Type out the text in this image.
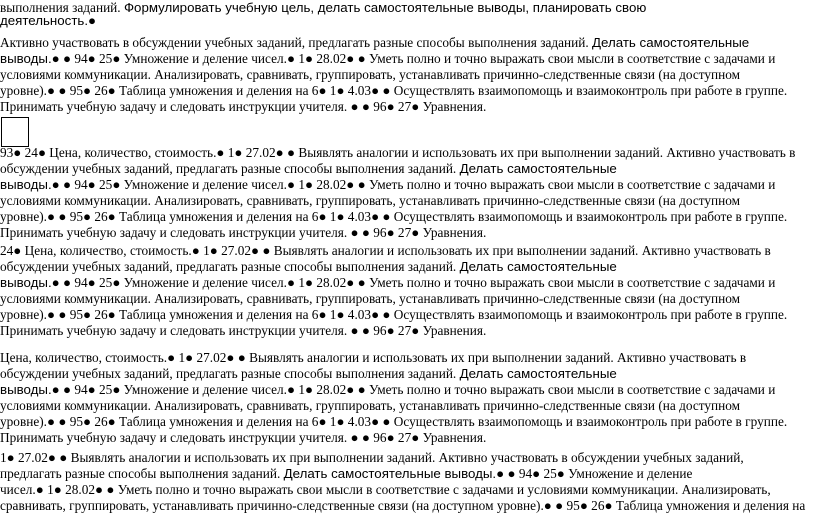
выполнения заданий. Формулировать учебную цель, делать самостоятельные выводы, планировать свою
деятельность.●
Активно участвовать в обсуждении учебных заданий, предлагать разные способы выполнения заданий. Делать самостоятельные
выводы.● ● 94● 25● Умножение и деление чисел.● 1● 28.02● ● Уметь полно и точно выражать свои мысли в соответствие с задачами и
условиями коммуникации. Анализировать, сравнивать, группировать, устанавливать причинно-следственные связи (на доступном
уровне).● ● 95● 26● Таблица умножения и деления на 6● 1● 4.03● ● Осуществлять взаимопомощь и взаимоконтроль при работе в группе.
Принимать учебную задачу и следовать инструкции учителя. ● ● 96● 27● Уравнения.
93● 24● Цена, количество, стоимость.● 1● 27.02● ● Выявлять аналогии и использовать их при выполнении заданий. Активно участвовать в
обсуждении учебных заданий, предлагать разные способы выполнения заданий. Делать самостоятельные
выводы.● ● 94● 25● Умножение и деление чисел.● 1● 28.02● ● Уметь полно и точно выражать свои мысли в соответствие с задачами и
условиями коммуникации. Анализировать, сравнивать, группировать, устанавливать причинно-следственные связи (на доступном
уровне).● ● 95● 26● Таблица умножения и деления на 6● 1● 4.03● ● Осуществлять взаимопомощь и взаимоконтроль при работе в группе.
Принимать учебную задачу и следовать инструкции учителя. ● ● 96● 27● Уравнения.
24● Цена, количество, стоимость.● 1● 27.02● ● Выявлять аналогии и использовать их при выполнении заданий. Активно участвовать в
обсуждении учебных заданий, предлагать разные способы выполнения заданий. Делать самостоятельные
выводы.● ● 94● 25● Умножение и деление чисел.● 1● 28.02● ● Уметь полно и точно выражать свои мысли в соответствие с задачами и
условиями коммуникации. Анализировать, сравнивать, группировать, устанавливать причинно-следственные связи (на доступном
уровне).● ● 95● 26● Таблица умножения и деления на 6● 1● 4.03● ● Осуществлять взаимопомощь и взаимоконтроль при работе в группе.
Принимать учебную задачу и следовать инструкции учителя. ● ● 96● 27● Уравнения.
Цена, количество, стоимость.● 1● 27.02● ● Выявлять аналогии и использовать их при выполнении заданий. Активно участвовать в
обсуждении учебных заданий, предлагать разные способы выполнения заданий. Делать самостоятельные
выводы.● ● 94● 25● Умножение и деление чисел.● 1● 28.02● ● Уметь полно и точно выражать свои мысли в соответствие с задачами и
условиями коммуникации. Анализировать, сравнивать, группировать, устанавливать причинно-следственные связи (на доступном
уровне).● ● 95● 26● Таблица умножения и деления на 6● 1● 4.03● ● Осуществлять взаимопомощь и взаимоконтроль при работе в группе.
Принимать учебную задачу и следовать инструкции учителя. ● ● 96● 27● Уравнения.
1● 27.02● ● Выявлять аналогии и использовать их при выполнении заданий. Активно участвовать в обсуждении учебных заданий,
предлагать разные способы выполнения заданий. Делать самостоятельные выводы.● ● 94● 25● Умножение и деление
чисел.● 1● 28.02● ● Уметь полно и точно выражать свои мысли в соответствие с задачами и условиями коммуникации. Анализировать,
сравнивать, группировать, устанавливать причинно-следственные связи (на доступном уровне).● ● 95● 26● Таблица умножения и деления на
